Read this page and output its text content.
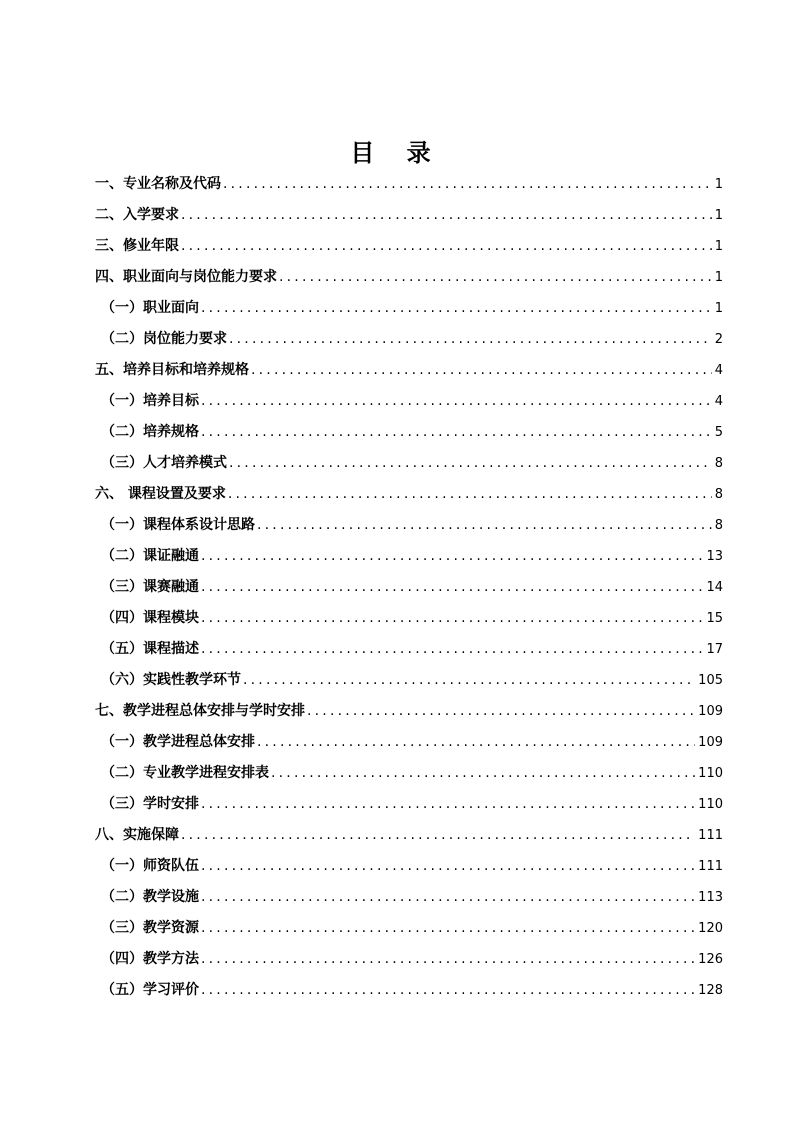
目 录
一、专业名称及代码 .....	1
二、入学要求 .....	1
三、修业年限 .....	1
四、职业面向与岗位能力要求 .....	1
（一）职业面向 .....	1
（二）岗位能力要求 .....	2
五、培养目标和培养规格 .....	4
（一）培养目标 .....	4
（二）培养规格 .....	5
（三）人才培养模式 .....	8
六、 课程设置及要求 .....	8
（一）课程体系设计思路 .....	8
（二）课证融通 .....	13
（三）课赛融通 .....	14
（四）课程模块 .....	15
（五）课程描述 .....	17
（六）实践性教学环节 .....	105
七、教学进程总体安排与学时安排 .....	109
（一）教学进程总体安排 .....	109
（二）专业教学进程安排表 .....	110
（三）学时安排 .....	110
八、实施保障 .....	111
（一）师资队伍 .....	111
（二）教学设施 .....	113
（三）教学资源 .....	120
（四）教学方法 .....	126
（五）学习评价 .....	128
